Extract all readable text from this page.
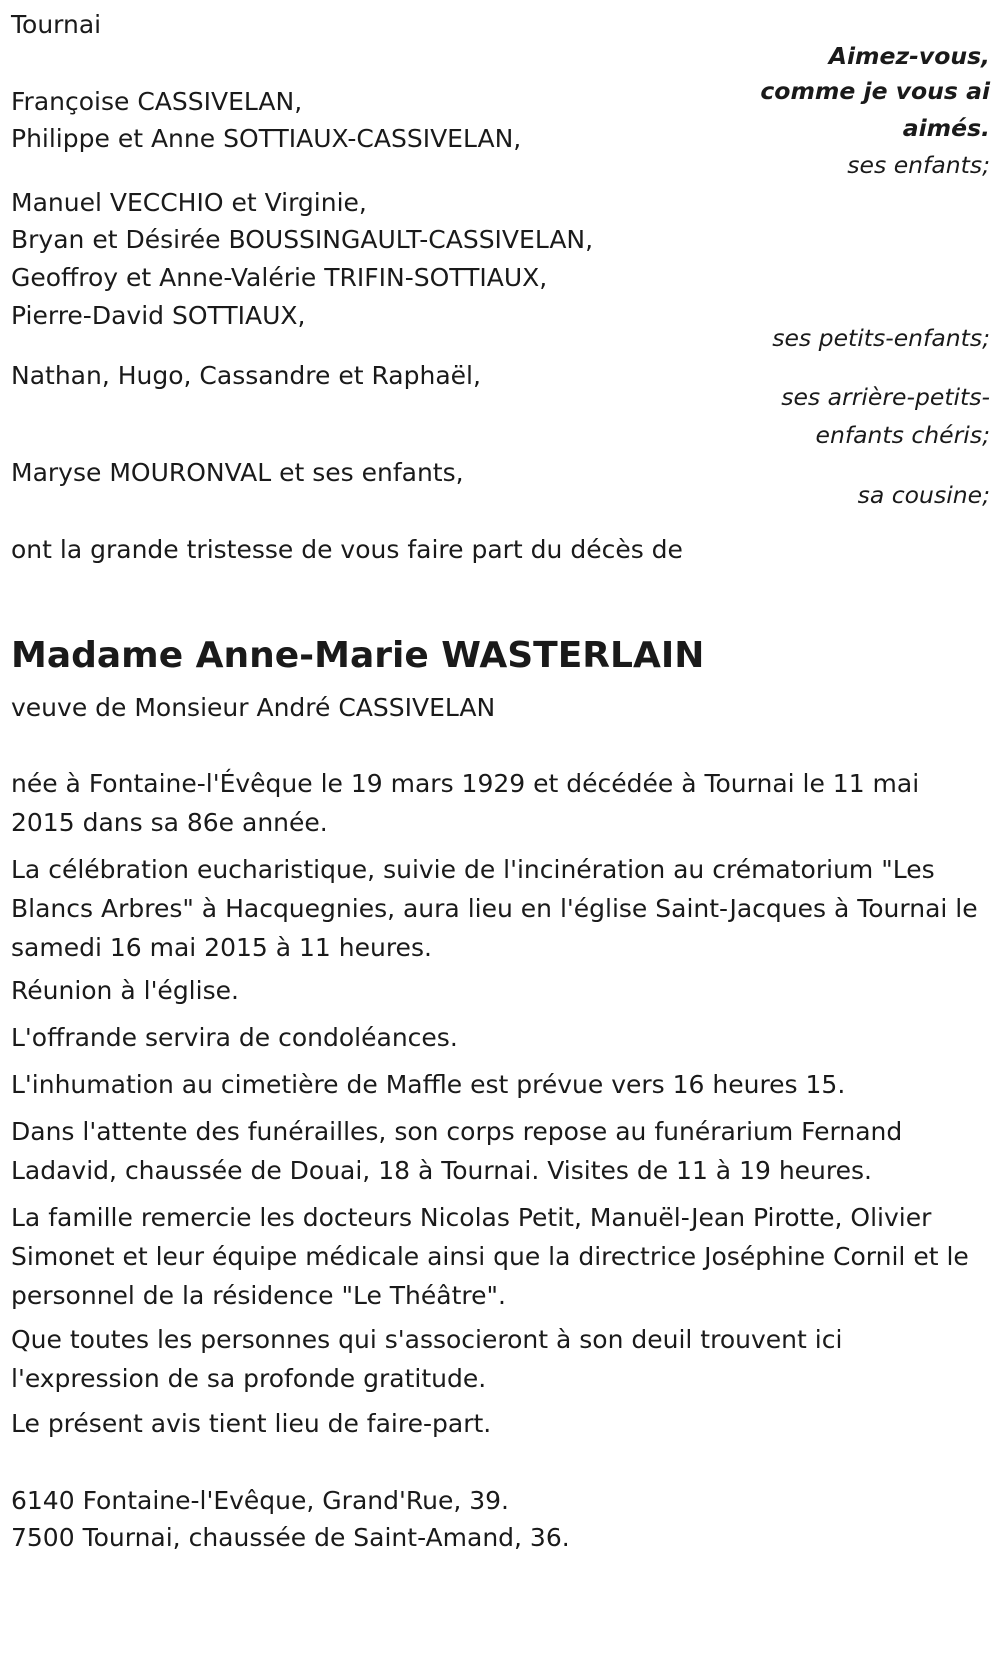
Tournai

Aimez-vous,

comme je vous ai

aimés.

Françoise CASSIVELAN,

Philippe et Anne SOTTIAUX-CASSIVELAN,

ses enfants;

Manuel VECCHIO et Virginie,

Bryan et Désirée BOUSSINGAULT-CASSIVELAN,

Geoffroy et Anne-Valérie TRIFIN-SOTTIAUX,

Pierre-David SOTTIAUX,

ses petits-enfants;

Nathan, Hugo, Cassandre et Raphaël,

ses arrière-petits-

enfants chéris;

Maryse MOURONVAL et ses enfants,

sa cousine;

ont la grande tristesse de vous faire part du décès de

Madame Anne-Marie WASTERLAIN

veuve de Monsieur André CASSIVELAN

née à Fontaine-l'Évêque le 19 mars 1929 et décédée à Tournai le 11 mai 2015 dans sa 86e année.

La célébration eucharistique, suivie de l'incinération au crématorium "Les Blancs Arbres" à Hacquegnies, aura lieu en l'église Saint-Jacques à Tournai le samedi 16 mai 2015 à 11 heures.

Réunion à l'église.

L'offrande servira de condoléances.

L'inhumation au cimetière de Maffle est prévue vers 16 heures 15.

Dans l'attente des funérailles, son corps repose au funérarium Fernand Ladavid, chaussée de Douai, 18 à Tournai. Visites de 11 à 19 heures.

La famille remercie les docteurs Nicolas Petit, Manuël-Jean Pirotte, Olivier Simonet et leur équipe médicale ainsi que la directrice Joséphine Cornil et le personnel de la résidence "Le Théâtre".

Que toutes les personnes qui s'associeront à son deuil trouvent ici l'expression de sa profonde gratitude.

Le présent avis tient lieu de faire-part.

6140 Fontaine-l'Evêque, Grand'Rue, 39.

7500 Tournai, chaussée de Saint-Amand, 36.
